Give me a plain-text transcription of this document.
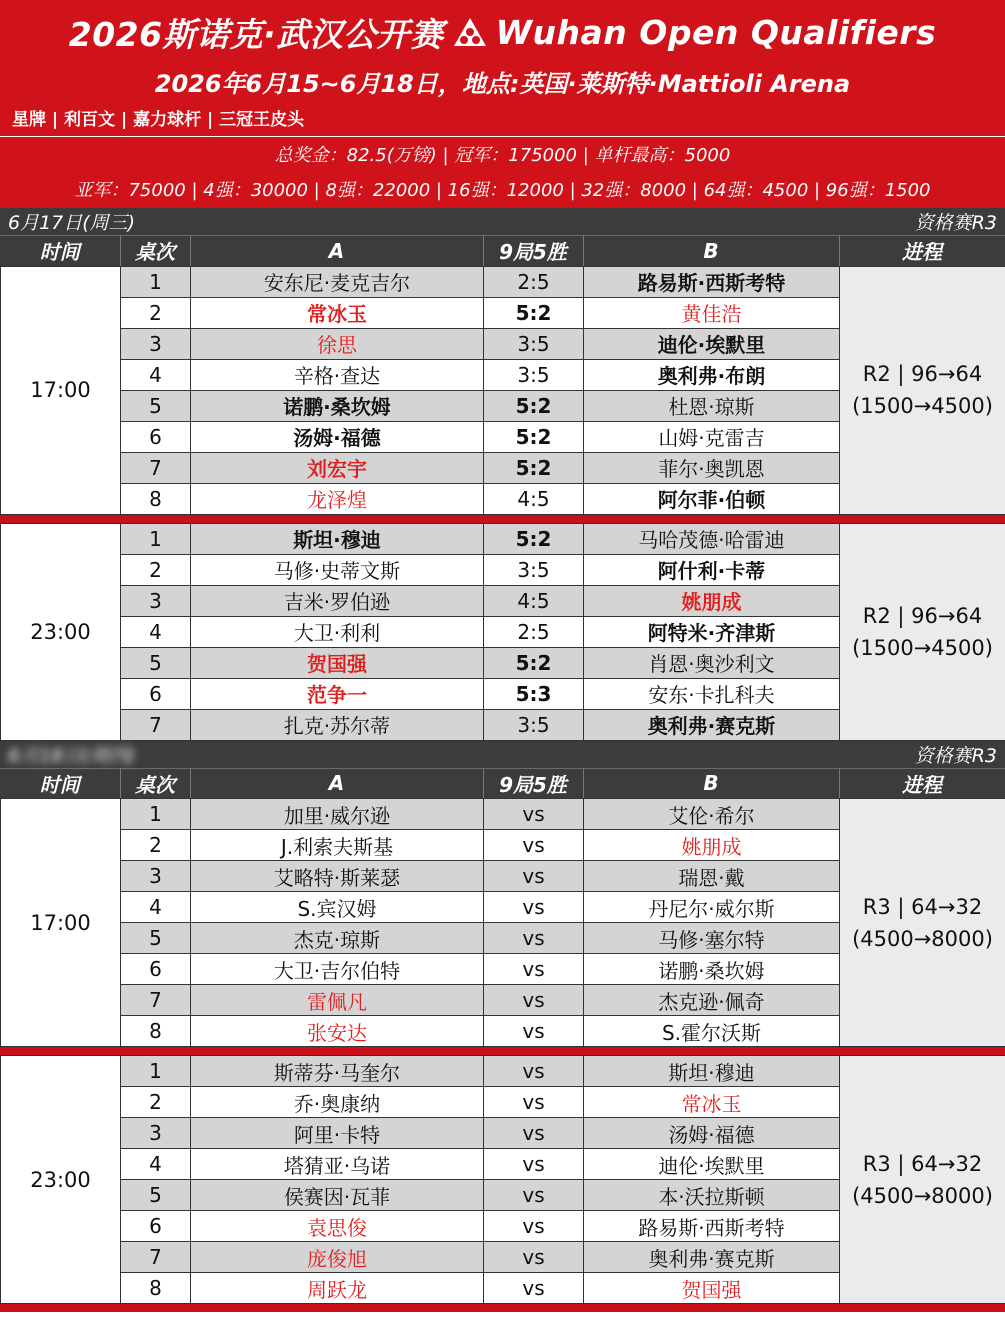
2026斯诺克·武汉公开赛 Wuhan Open Qualifiers
2026年6月15~6月18日，地点:英国·莱斯特·Mattioli Arena
星牌 | 利百文 | 嘉力球杆 | 三冠王皮头
总奖金：82.5(万镑) | 冠军：175000 | 单杆最高：5000
亚军：75000 | 4强：30000 | 8强：22000 | 16强：12000 | 32强：8000 | 64强：4500 | 96强：1500
6月17日(周三)	资格赛R3
时间	桌次	A	9局5胜	B	进程
17:00	1	安东尼·麦克吉尔	2:5	路易斯·西斯考特	R2 | 96→64
(1500→4500)

	2	常冰玉	5:2	黄佳浩	
	3	徐思	3:5	迪伦·埃默里	
	4	辛格·查达	3:5	奥利弗·布朗	
	5	诺鹏·桑坎姆	5:2	杜恩·琼斯	
	6	汤姆·福德	5:2	山姆·克雷吉	
	7	刘宏宇	5:2	菲尔·奥凯恩	
	8	龙泽煌	4:5	阿尔菲·伯顿	
23:00	1	斯坦·穆迪	5:2	马哈茂德·哈雷迪	R2 | 96→64
(1500→4500)

	2	马修·史蒂文斯	3:5	阿什利·卡蒂	
	3	吉米·罗伯逊	4:5	姚朋成	
	4	大卫·利利	2:5	阿特米·齐津斯	
	5	贺国强	5:2	肖恩·奥沙利文	
	6	范争一	5:3	安东·卡扎科夫	
	7	扎克·苏尔蒂	3:5	奥利弗·赛克斯	
6月18日(周四)	资格赛R3
时间	桌次	A	9局5胜	B	进程
17:00	1	加里·威尔逊	vs	艾伦·希尔	R3 | 64→32
(4500→8000)

	2	J.利索夫斯基	vs	姚朋成	
	3	艾略特·斯莱瑟	vs	瑞恩·戴	
	4	S.宾汉姆	vs	丹尼尔·威尔斯	
	5	杰克·琼斯	vs	马修·塞尔特	
	6	大卫·吉尔伯特	vs	诺鹏·桑坎姆	
	7	雷佩凡	vs	杰克逊·佩奇	
	8	张安达	vs	S.霍尔沃斯	
23:00	1	斯蒂芬·马奎尔	vs	斯坦·穆迪	R3 | 64→32
(4500→8000)

	2	乔·奥康纳	vs	常冰玉	
	3	阿里·卡特	vs	汤姆·福德	
	4	塔猜亚·乌诺	vs	迪伦·埃默里	
	5	侯赛因·瓦菲	vs	本·沃拉斯顿	
	6	袁思俊	vs	路易斯·西斯考特	
	7	庞俊旭	vs	奥利弗·赛克斯	
	8	周跃龙	vs	贺国强	
